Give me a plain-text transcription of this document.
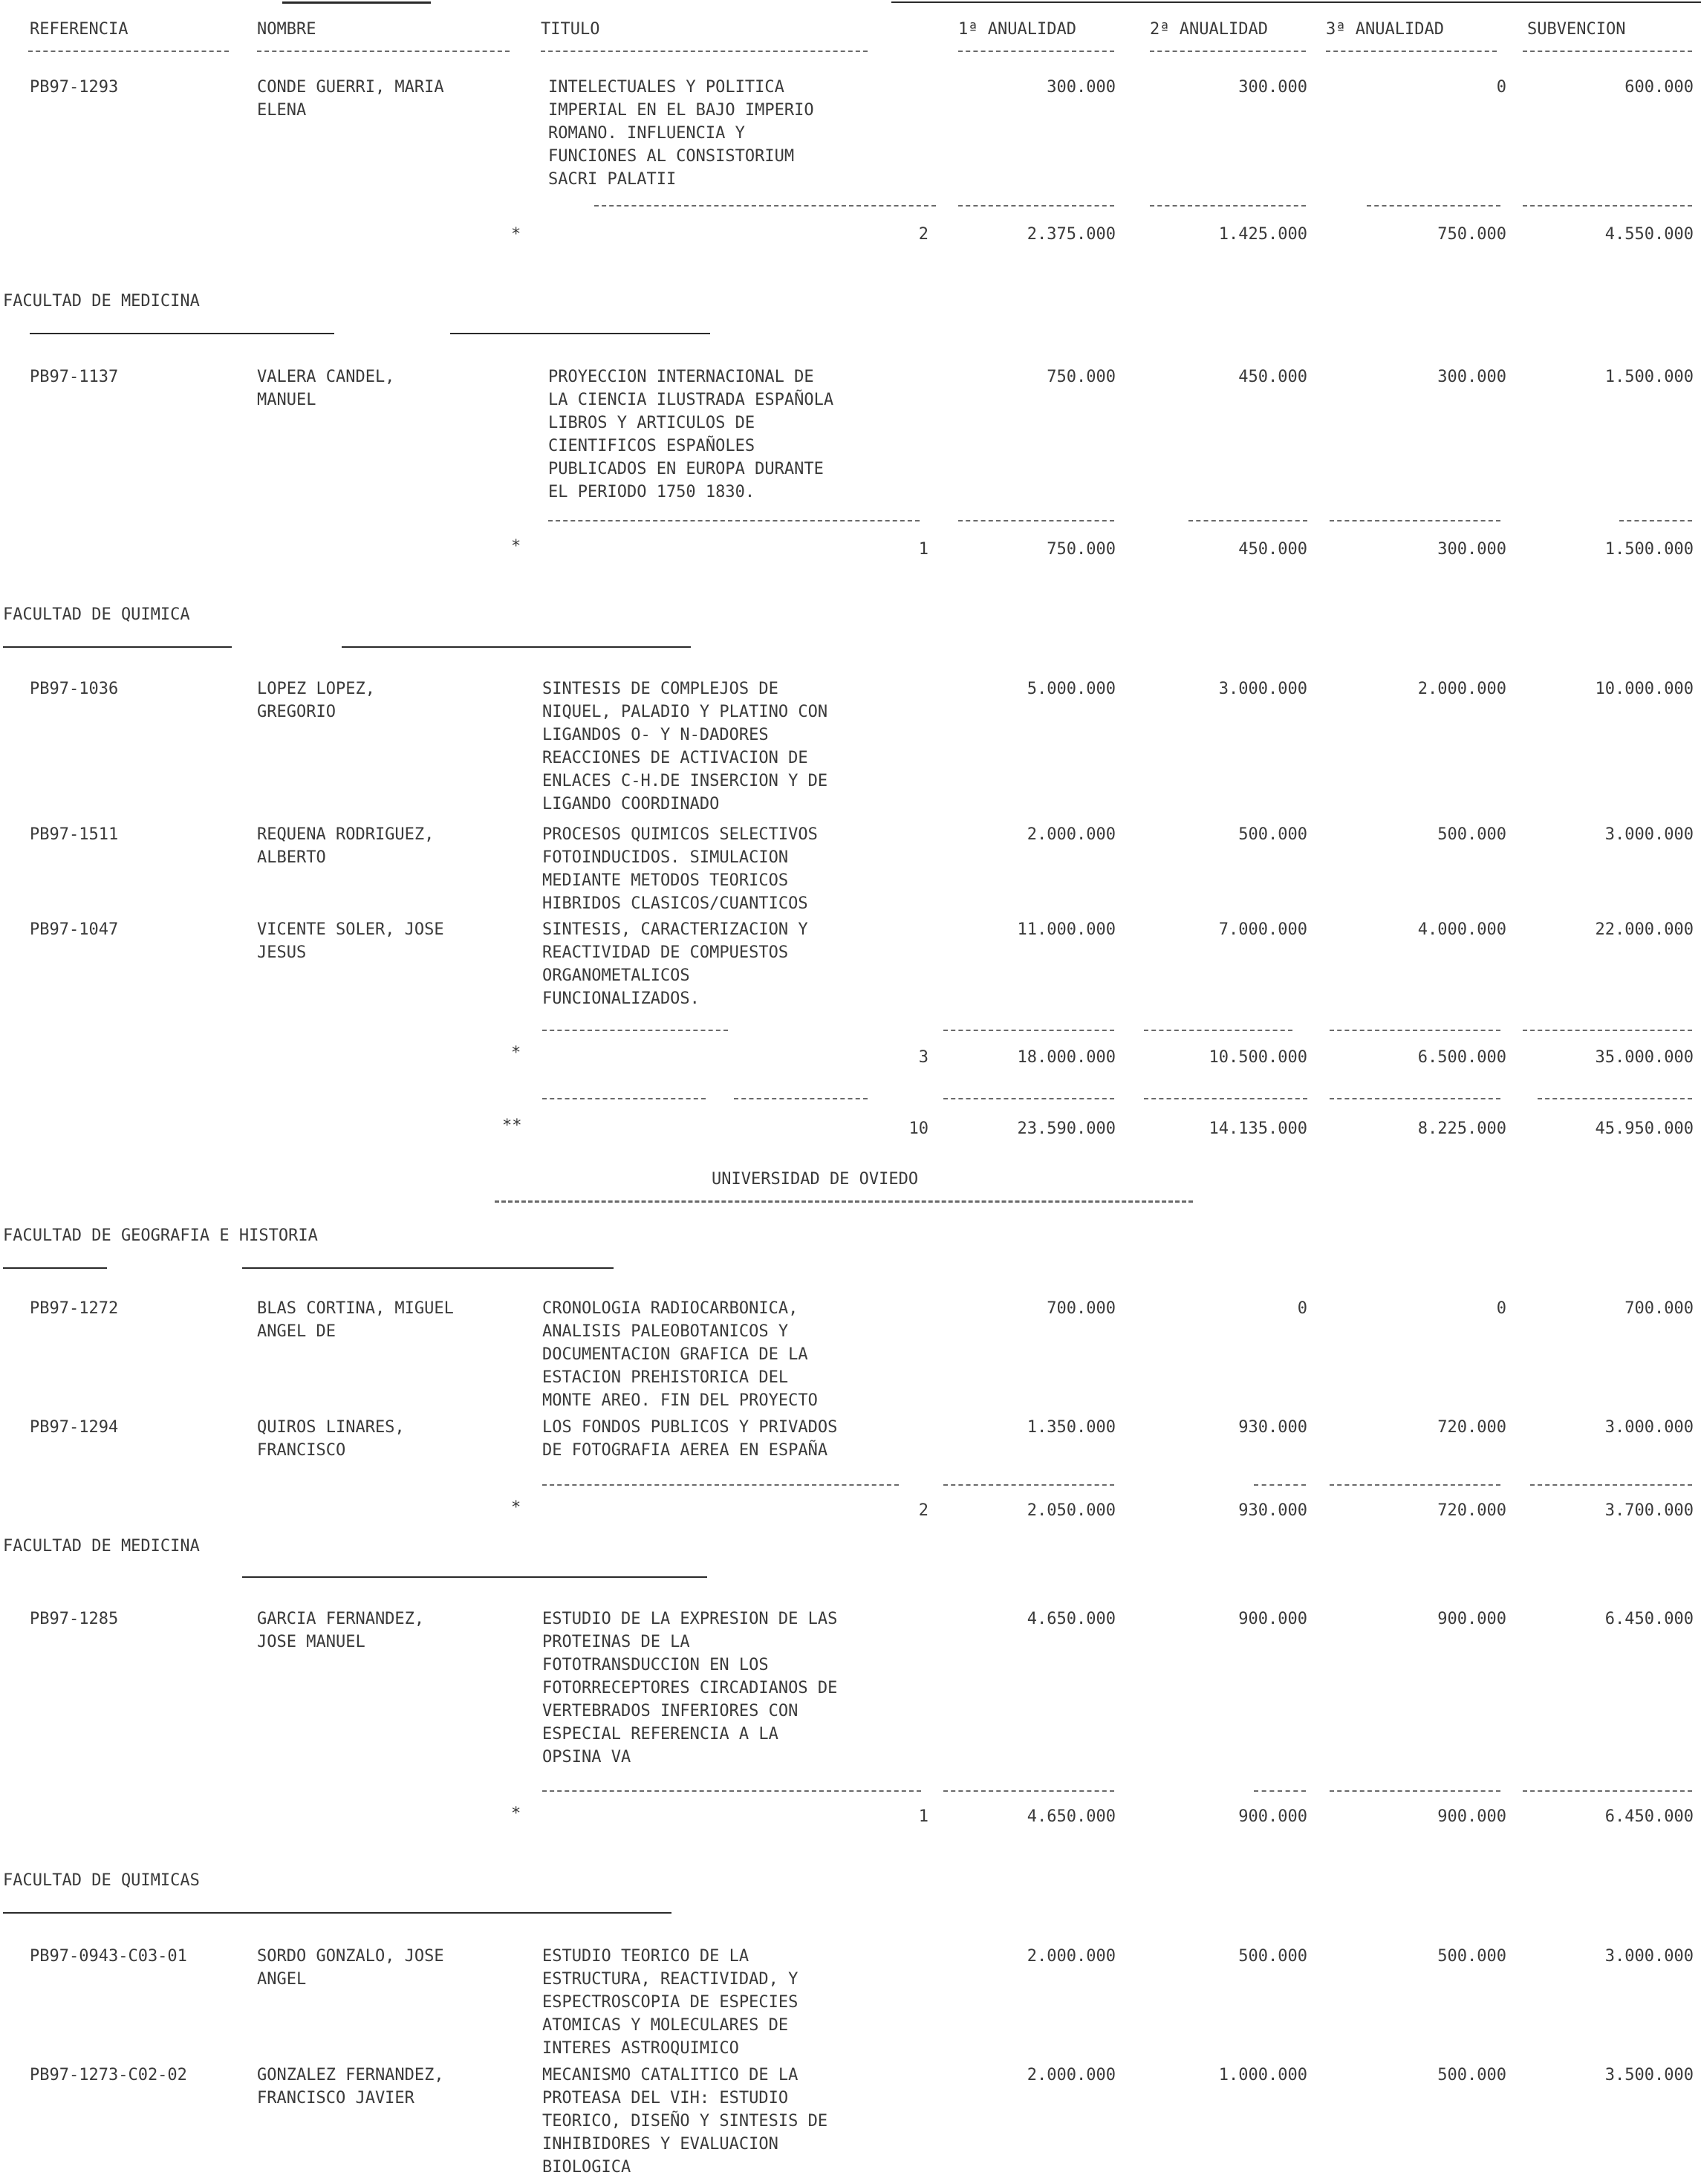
REFERENCIA	NOMBRE	TITULO	1ª ANUALIDAD	2ª ANUALIDAD	3ª ANUALIDAD	SUBVENCION
PB97-1293	CONDE GUERRI, MARIA
ELENA
INTELECTUALES Y POLITICA
IMPERIAL EN EL BAJO IMPERIO
ROMANO. INFLUENCIA Y
FUNCIONES AL CONSISTORIUM
SACRI PALATII
300.000	300.000	0	600.000
*	2	2.375.000	1.425.000	750.000	4.550.000
FACULTAD DE MEDICINA
PB97-1137	VALERA CANDEL,
MANUEL
PROYECCION INTERNACIONAL DE
LA CIENCIA ILUSTRADA ESPAÑOLA
LIBROS Y ARTICULOS DE
CIENTIFICOS ESPAÑOLES
PUBLICADOS EN EUROPA DURANTE
EL PERIODO 1750 1830.
750.000	450.000	300.000	1.500.000
*	1	750.000	450.000	300.000	1.500.000
FACULTAD DE QUIMICA
PB97-1036	LOPEZ LOPEZ,
GREGORIO
SINTESIS DE COMPLEJOS DE
NIQUEL, PALADIO Y PLATINO CON
LIGANDOS O- Y N-DADORES
REACCIONES DE ACTIVACION DE
ENLACES C-H.DE INSERCION Y DE
LIGANDO COORDINADO
5.000.000	3.000.000	2.000.000	10.000.000
PB97-1511	REQUENA RODRIGUEZ,
ALBERTO
PROCESOS QUIMICOS SELECTIVOS
FOTOINDUCIDOS. SIMULACION
MEDIANTE METODOS TEORICOS
HIBRIDOS CLASICOS/CUANTICOS
2.000.000	500.000	500.000	3.000.000
PB97-1047	VICENTE SOLER, JOSE
JESUS
SINTESIS, CARACTERIZACION Y
REACTIVIDAD DE COMPUESTOS
ORGANOMETALICOS
FUNCIONALIZADOS.
11.000.000	7.000.000	4.000.000	22.000.000
*	3	18.000.000	10.500.000	6.500.000	35.000.000
**	10	23.590.000	14.135.000	8.225.000	45.950.000
UNIVERSIDAD DE OVIEDO
FACULTAD DE GEOGRAFIA E HISTORIA
PB97-1272	BLAS CORTINA, MIGUEL
ANGEL DE
CRONOLOGIA RADIOCARBONICA,
ANALISIS PALEOBOTANICOS Y
DOCUMENTACION GRAFICA DE LA
ESTACION PREHISTORICA DEL
MONTE AREO. FIN DEL PROYECTO
700.000	0	0	700.000
PB97-1294	QUIROS LINARES,
FRANCISCO
LOS FONDOS PUBLICOS Y PRIVADOS
DE FOTOGRAFIA AEREA EN ESPAÑA
1.350.000	930.000	720.000	3.000.000
*	2	2.050.000	930.000	720.000	3.700.000
FACULTAD DE MEDICINA
PB97-1285	GARCIA FERNANDEZ,
JOSE MANUEL
ESTUDIO DE LA EXPRESION DE LAS
PROTEINAS DE LA
FOTOTRANSDUCCION EN LOS
FOTORRECEPTORES CIRCADIANOS DE
VERTEBRADOS INFERIORES CON
ESPECIAL REFERENCIA A LA
OPSINA VA
4.650.000	900.000	900.000	6.450.000
*	1	4.650.000	900.000	900.000	6.450.000
FACULTAD DE QUIMICAS
PB97-0943-C03-01	SORDO GONZALO, JOSE
ANGEL
ESTUDIO TEORICO DE LA
ESTRUCTURA, REACTIVIDAD, Y
ESPECTROSCOPIA DE ESPECIES
ATOMICAS Y MOLECULARES DE
INTERES ASTROQUIMICO
2.000.000	500.000	500.000	3.000.000
PB97-1273-C02-02	GONZALEZ FERNANDEZ,
FRANCISCO JAVIER
MECANISMO CATALITICO DE LA
PROTEASA DEL VIH: ESTUDIO
TEORICO, DISEÑO Y SINTESIS DE
INHIBIDORES Y EVALUACION
BIOLOGICA
2.000.000	1.000.000	500.000	3.500.000
